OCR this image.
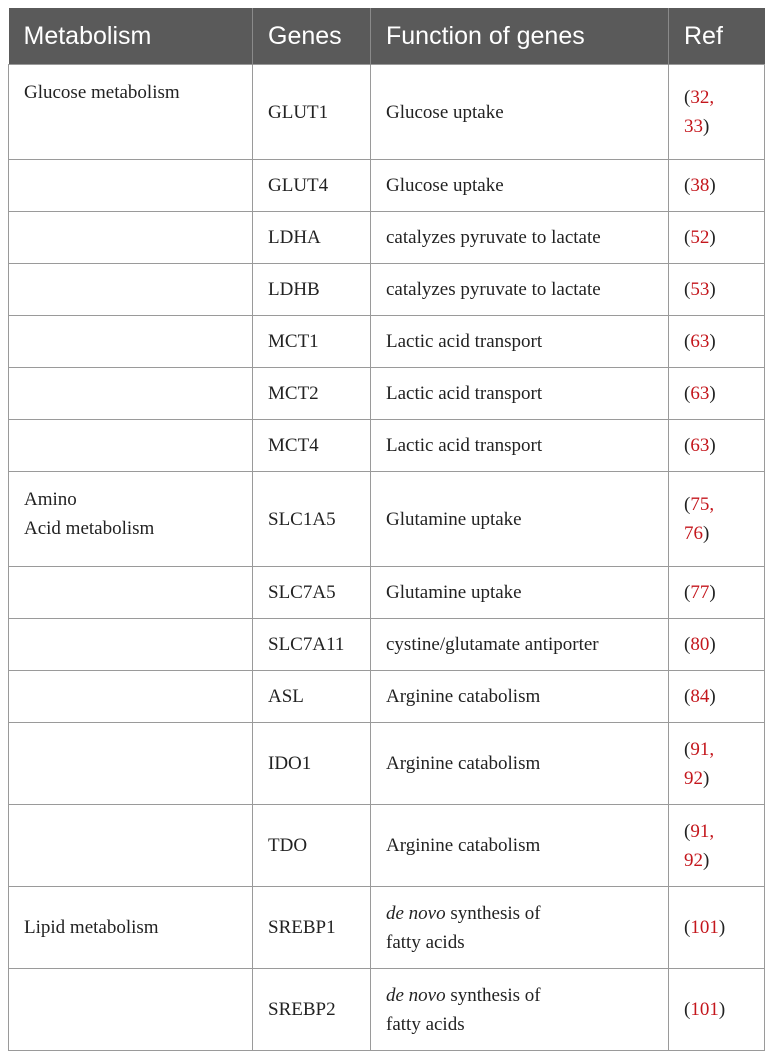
Metabolism	Genes	Function of genes	Ref
Glucose metabolism	GLUT1	Glucose uptake	(32,
33)
	GLUT4	Glucose uptake	(38)
	LDHA	catalyzes pyruvate to lactate	(52)
	LDHB	catalyzes pyruvate to lactate	(53)
	MCT1	Lactic acid transport	(63)
	MCT2	Lactic acid transport	(63)
	MCT4	Lactic acid transport	(63)
Amino
Acid metabolism	SLC1A5	Glutamine uptake	(75,
76)
	SLC7A5	Glutamine uptake	(77)
	SLC7A11	cystine/glutamate antiporter	(80)
	ASL	Arginine catabolism	(84)
	IDO1	Arginine catabolism	(91,
92)
	TDO	Arginine catabolism	(91,
92)
Lipid metabolism	SREBP1	de novo synthesis of
fatty acids	(101)
	SREBP2	de novo synthesis of
fatty acids	(101)
